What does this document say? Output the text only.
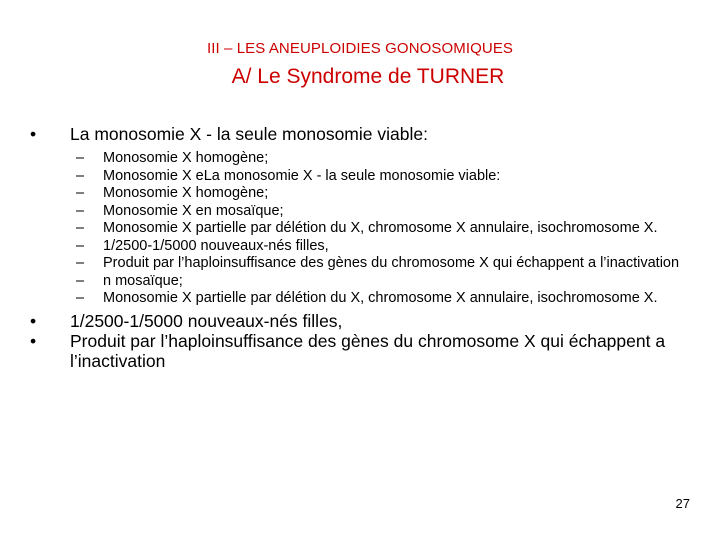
III – LES ANEUPLOIDIES GONOSOMIQUES
A/ Le Syndrome de TURNER
•	La monosomie X - la seule monosomie viable:
–	Monosomie X homogène;
–	Monosomie X eLa monosomie X - la seule monosomie viable:
–	Monosomie X homogène;
–	Monosomie X en mosaïque;
–	Monosomie X partielle par délétion du X, chromosome X annulaire, isochromosome X.
–	1/2500-1/5000 nouveaux-nés filles,
–	Produit par l’haploinsuffisance des gènes du chromosome X qui échappent a l’inactivation
–	n mosaïque;
–	Monosomie X partielle par délétion du X, chromosome X annulaire, isochromosome X.
•	1/2500-1/5000 nouveaux-nés filles,
•	Produit par l’haploinsuffisance des gènes du chromosome X qui échappent a l’inactivation
27
